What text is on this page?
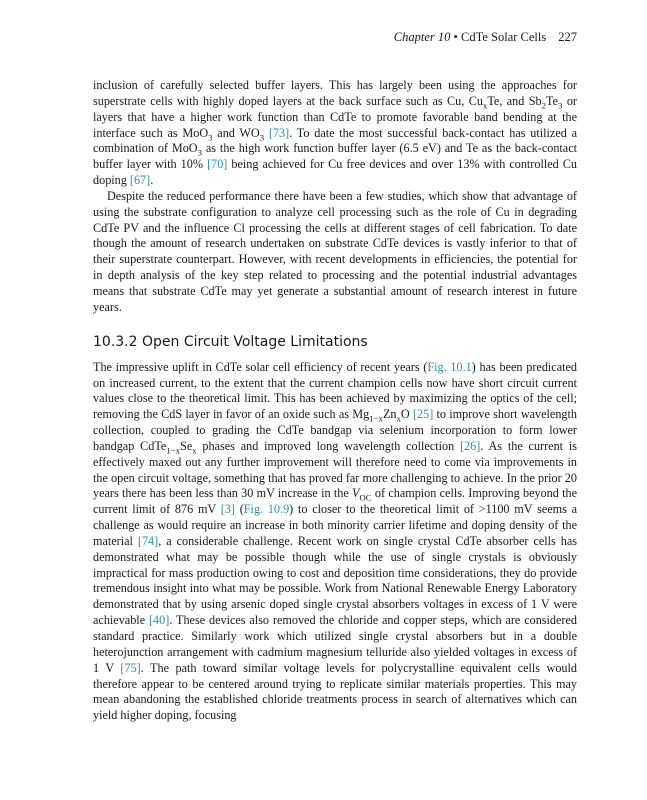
Chapter 10 • CdTe Solar Cells 227

inclusion of carefully selected buffer layers. This has largely been using the approaches for superstrate cells with highly doped layers at the back surface such as Cu, $Cu_xTe$, and $Sb_2Te_3$ or layers that have a higher work function than CdTe to promote favorable band bending at the interface such as MoO$_3$ and $WO_3$ [73]. To date the most successful back-contact has utilized a combination of MoO$_3$ as the high work function buffer layer (6.5 eV) and Te as the back-contact buffer layer with 10% [70] being achieved for Cu free devices and over 13% with controlled Cu doping [67].

Despite the reduced performance there have been a few studies, which show that advantage of using the substrate configuration to analyze cell processing such as the role of Cu in degrading CdTe PV and the influence Cl processing the cells at different stages of cell fabrication. To date though the amount of research undertaken on substrate CdTe devices is vastly inferior to that of their superstrate counterpart. However, with recent developments in efficiencies, the potential for in depth analysis of the key step related to processing and the potential industrial advantages means that substrate CdTe may yet generate a substantial amount of research interest in future years.

10.3.2 Open Circuit Voltage Limitations

The impressive uplift in CdTe solar cell efficiency of recent years (Fig. 10.1) has been predicated on increased current, to the extent that the current champion cells now have short circuit current values close to the theoretical limit. This has been achieved by maximizing the optics of the cell; removing the CdS layer in favor of an oxide such as $Mg_{1-x}Zn_xO$ [25] to improve short wavelength collection, coupled to grading the CdTe bandgap via selenium incorporation to form lower bandgap $CdTe_{1-x}Se_x$ phases and improved long wavelength collection [26]. As the current is effectively maxed out any further improvement will therefore need to come via improvements in the open circuit voltage, something that has proved far more challenging to achieve. In the prior 20 years there has been less than 30 mV increase in the $V_{OC}$ of champion cells. Improving beyond the current limit of 876 mV [3] (Fig. 10.9) to closer to the theoretical limit of >1100 mV seems a challenge as would require an increase in both minority carrier lifetime and doping density of the material [74], a considerable challenge. Recent work on single crystal CdTe absorber cells has demonstrated what may be possible though while the use of single crystals is obviously impractical for mass production owing to cost and deposition time considerations, they do provide tremendous insight into what may be possible. Work from National Renewable Energy Laboratory demonstrated that by using arsenic doped single crystal absorbers voltages in excess of 1 V were achievable [40]. These devices also removed the chloride and copper steps, which are considered standard practice. Similarly work which utilized single crystal absorbers but in a double heterojunction arrangement with cadmium magnesium telluride also yielded voltages in excess of 1 V [75]. The path toward similar voltage levels for polycrystalline equivalent cells would therefore appear to be centered around trying to replicate similar materials properties. This may mean abandoning the established chloride treatments process in search of alternatives which can yield higher doping, focusing
